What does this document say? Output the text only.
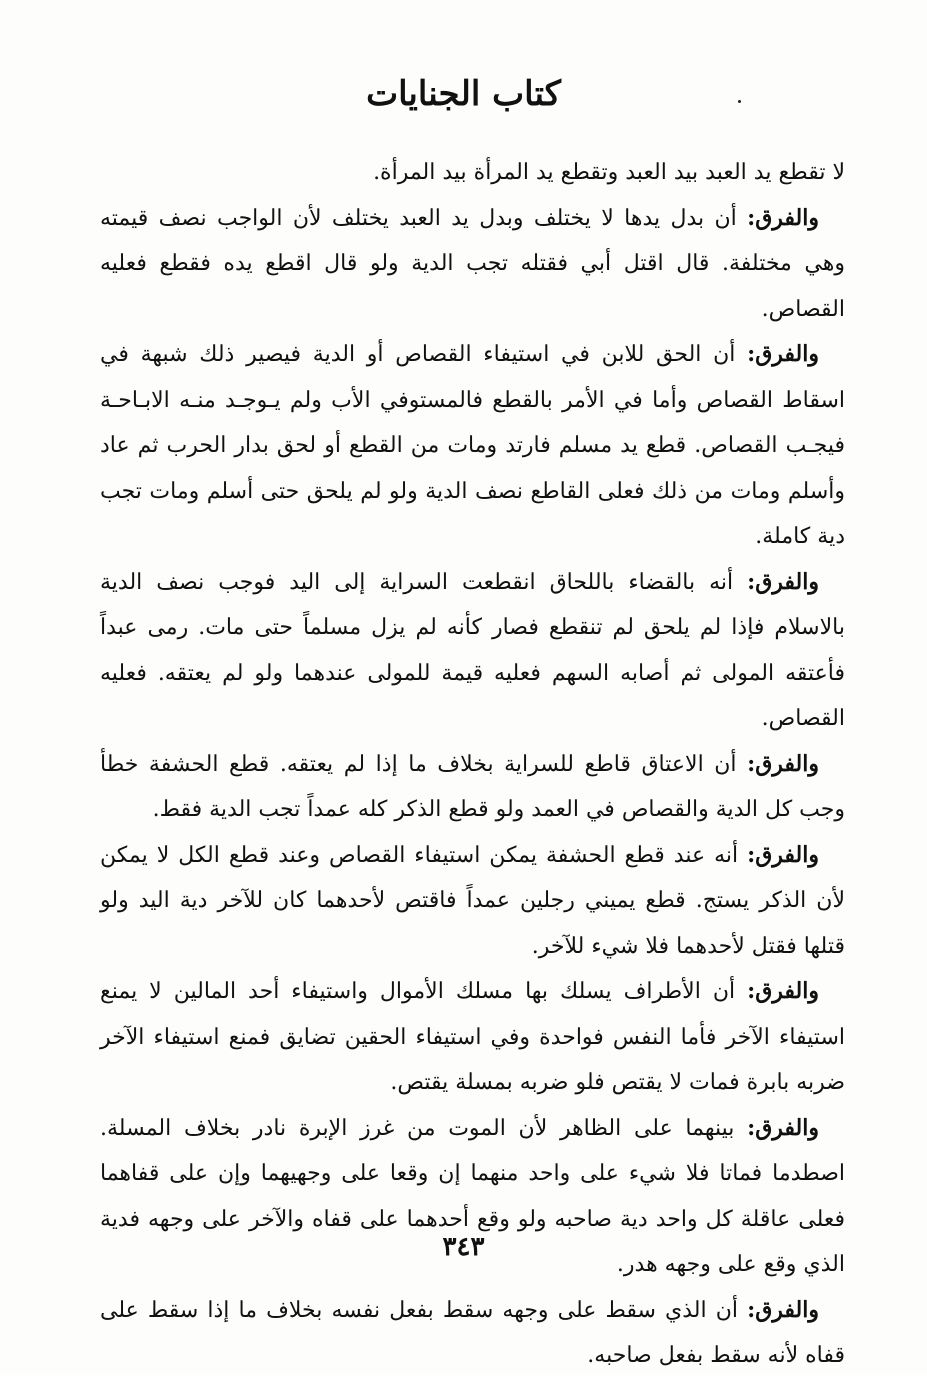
كتاب الجنايات

لا تقطع يد العبد بيد العبد وتقطع يد المرأة بيد المرأة.

والفرق: أن بدل يدها لا يختلف وبدل يد العبد يختلف لأن الواجب نصف قيمته وهي مختلفة. قال اقتل أبي فقتله تجب الدية ولو قال اقطع يده فقطع فعليه القصاص.

والفرق: أن الحق للابن في استيفاء القصاص أو الدية فيصير ذلك شبهة في اسقاط القصاص وأما في الأمر بالقطع فالمستوفي الأب ولم يـوجـد منـه الابـاحـة فيجـب القصاص. قطع يد مسلم فارتد ومات من القطع أو لحق بدار الحرب ثم عاد وأسلم ومات من ذلك فعلى القاطع نصف الدية ولو لم يلحق حتى أسلم ومات تجب دية كاملة.

والفرق: أنه بالقضاء باللحاق انقطعت السراية إلى اليد فوجب نصف الدية بالاسلام فإذا لم يلحق لم تنقطع فصار كأنه لم يزل مسلماً حتى مات. رمى عبداً فأعتقه المولى ثم أصابه السهم فعليه قيمة للمولى عندهما ولو لم يعتقه. فعليه القصاص.

والفرق: أن الاعتاق قاطع للسراية بخلاف ما إذا لم يعتقه. قطع الحشفة خطأ وجب كل الدية والقصاص في العمد ولو قطع الذكر كله عمداً تجب الدية فقط.

والفرق: أنه عند قطع الحشفة يمكن استيفاء القصاص وعند قطع الكل لا يمكن لأن الذكر يستج. قطع يميني رجلين عمداً فاقتص لأحدهما كان للآخر دية اليد ولو قتلها فقتل لأحدهما فلا شيء للآخر.

والفرق: أن الأطراف يسلك بها مسلك الأموال واستيفاء أحد المالين لا يمنع استيفاء الآخر فأما النفس فواحدة وفي استيفاء الحقين تضايق فمنع استيفاء الآخر ضربه بابرة فمات لا يقتص فلو ضربه بمسلة يقتص.

والفرق: بينهما على الظاهر لأن الموت من غرز الإبرة نادر بخلاف المسلة. اصطدما فماتا فلا شيء على واحد منهما إن وقعا على وجهيهما وإن على قفاهما فعلى عاقلة كل واحد دية صاحبه ولو وقع أحدهما على قفاه والآخر على وجهه فدية الذي وقع على وجهه هدر.

والفرق: أن الذي سقط على وجهه سقط بفعل نفسه بخلاف ما إذا سقط على قفاه لأنه سقط بفعل صاحبه.

٣٤٣
